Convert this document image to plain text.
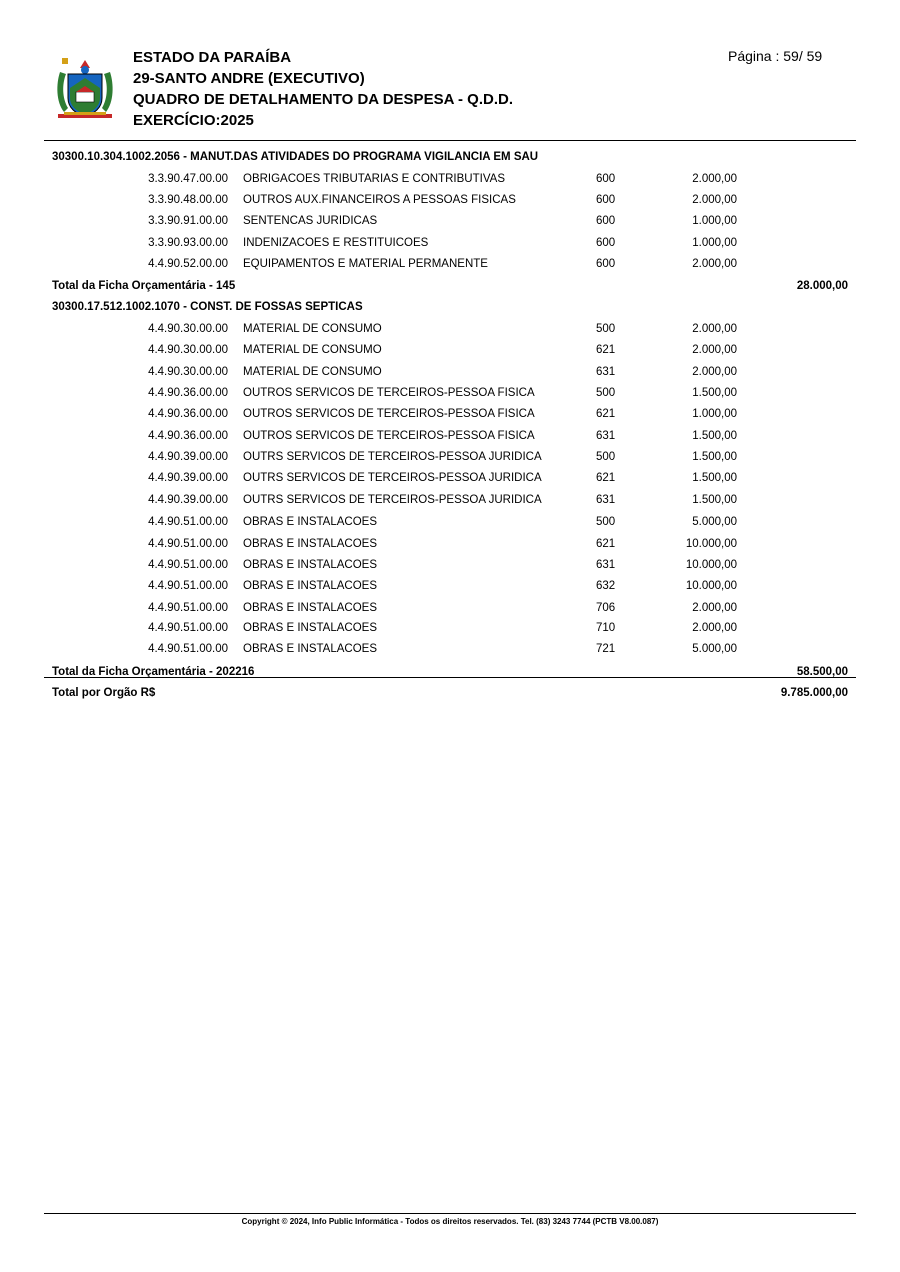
ESTADO DA PARAÍBA
29-SANTO ANDRE (EXECUTIVO)
QUADRO DE DETALHAMENTO DA DESPESA - Q.D.D.
EXERCÍCIO:2025
Página : 59/ 59
30300.10.304.1002.2056 - MANUT.DAS ATIVIDADES DO PROGRAMA VIGILANCIA EM SAU
3.3.90.47.00.00 OBRIGACOES TRIBUTARIAS E CONTRIBUTIVAS	600	2.000,00
3.3.90.48.00.00 OUTROS AUX.FINANCEIROS A PESSOAS FISICAS	600	2.000,00
3.3.90.91.00.00 SENTENCAS JURIDICAS	600	1.000,00
3.3.90.93.00.00 INDENIZACOES E RESTITUICOES	600	1.000,00
4.4.90.52.00.00 EQUIPAMENTOS E MATERIAL PERMANENTE	600	2.000,00
Total da Ficha Orçamentária - 145	28.000,00
30300.17.512.1002.1070 - CONST. DE FOSSAS SEPTICAS
4.4.90.30.00.00 MATERIAL DE CONSUMO	500	2.000,00
4.4.90.30.00.00 MATERIAL DE CONSUMO	621	2.000,00
4.4.90.30.00.00 MATERIAL DE CONSUMO	631	2.000,00
4.4.90.36.00.00 OUTROS SERVICOS DE TERCEIROS-PESSOA FISICA	500	1.500,00
4.4.90.36.00.00 OUTROS SERVICOS DE TERCEIROS-PESSOA FISICA	621	1.000,00
4.4.90.36.00.00 OUTROS SERVICOS DE TERCEIROS-PESSOA FISICA	631	1.500,00
4.4.90.39.00.00 OUTRS SERVICOS DE TERCEIROS-PESSOA JURIDICA	500	1.500,00
4.4.90.39.00.00 OUTRS SERVICOS DE TERCEIROS-PESSOA JURIDICA	621	1.500,00
4.4.90.39.00.00 OUTRS SERVICOS DE TERCEIROS-PESSOA JURIDICA	631	1.500,00
4.4.90.51.00.00 OBRAS E INSTALACOES	500	5.000,00
4.4.90.51.00.00 OBRAS E INSTALACOES	621	10.000,00
4.4.90.51.00.00 OBRAS E INSTALACOES	631	10.000,00
4.4.90.51.00.00 OBRAS E INSTALACOES	632	10.000,00
4.4.90.51.00.00 OBRAS E INSTALACOES	706	2.000,00
4.4.90.51.00.00 OBRAS E INSTALACOES	710	2.000,00
4.4.90.51.00.00 OBRAS E INSTALACOES	721	5.000,00
Total da Ficha Orçamentária - 202216	58.500,00
Total por Orgão R$	9.785.000,00
Copyright © 2024, Info Public Informática - Todos os direitos reservados. Tel. (83) 3243 7744 (PCTB V8.00.087)
